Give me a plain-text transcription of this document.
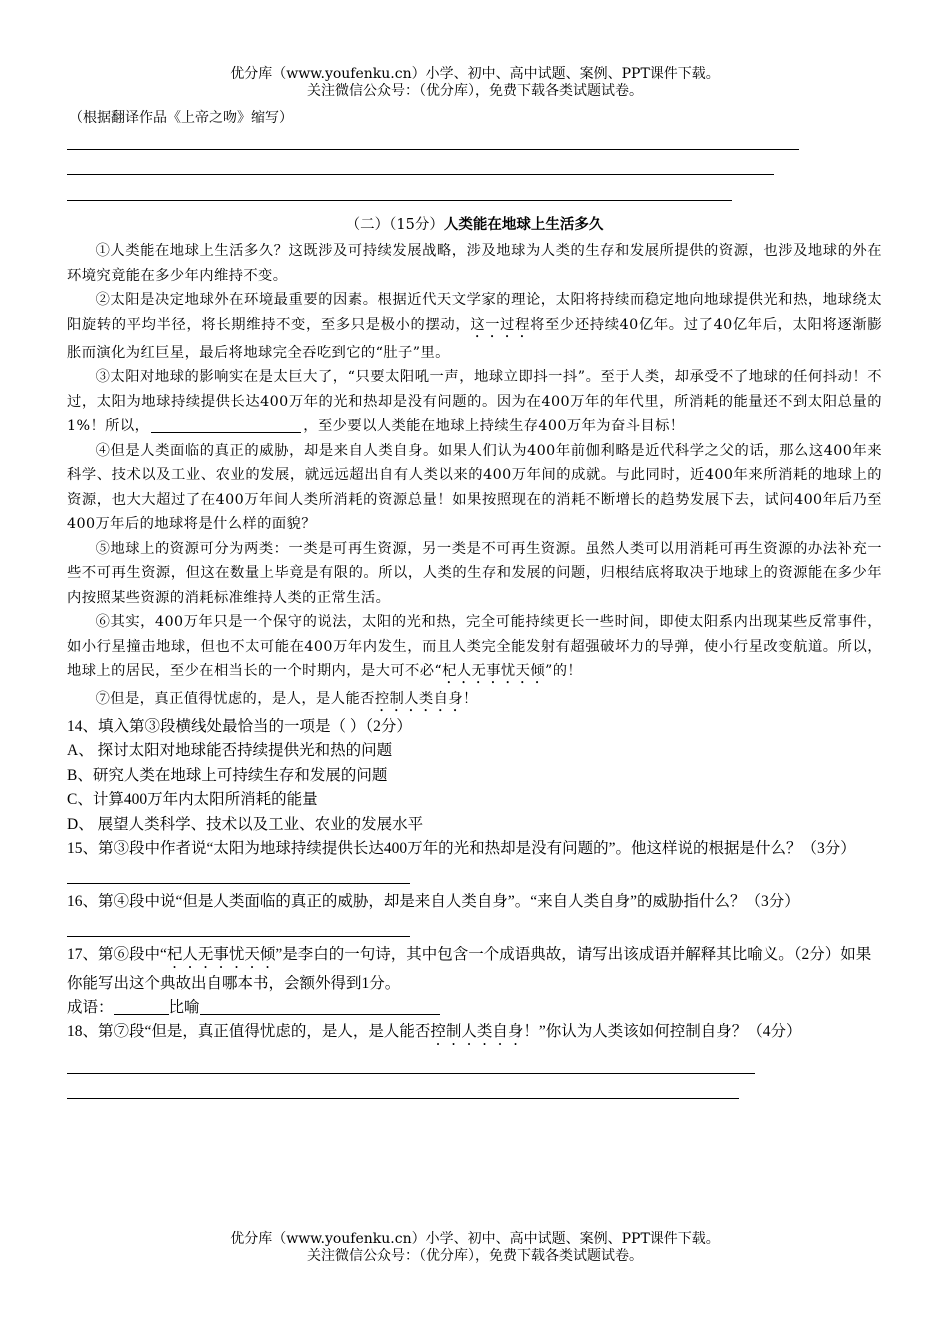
优分库（www.youfenku.cn）小学、初中、高中试题、案例、PPT课件下载。
关注微信公众号：（优分库），免费下载各类试题试卷。
（根据翻译作品《上帝之吻》缩写）
（二）（15分）人类能在地球上生活多久
①人类能在地球上生活多久？这既涉及可持续发展战略，涉及地球为人类的生存和发展所提供的资源，也涉及地球的外在环境究竟能在多少年内维持不变。
②太阳是决定地球外在环境最重要的因素。根据近代天文学家的理论，太阳将持续而稳定地向地球提供光和热，地球绕太阳旋转的平均半径，将长期维持不变，至多只是极小的摆动，这一过程将至少还持续40亿年。过了40亿年后，太阳将逐渐膨胀而演化为红巨星，最后将地球完全吞吃到它的“肚子”里。
③太阳对地球的影响实在是太巨大了，“只要太阳吼一声，地球立即抖一抖”。至于人类，却承受不了地球的任何抖动！不过，太阳为地球持续提供长达400万年的光和热却是没有问题的。因为在400万年的年代里，所消耗的能量还不到太阳总量的1%！所以，	，至少要以人类能在地球上持续生存400万年为奋斗目标！
④但是人类面临的真正的威胁，却是来自人类自身。如果人们认为400年前伽利略是近代科学之父的话，那么这400年来科学、技术以及工业、农业的发展，就远远超出自有人类以来的400万年间的成就。与此同时，近400年来所消耗的地球上的资源，也大大超过了在400万年间人类所消耗的资源总量！如果按照现在的消耗不断增长的趋势发展下去，试问400年后乃至400万年后的地球将是什么样的面貌？
⑤地球上的资源可分为两类：一类是可再生资源，另一类是不可再生资源。虽然人类可以用消耗可再生资源的办法补充一些不可再生资源，但这在数量上毕竟是有限的。所以，人类的生存和发展的问题，归根结底将取决于地球上的资源能在多少年内按照某些资源的消耗标准维持人类的正常生活。
⑥其实，400万年只是一个保守的说法，太阳的光和热，完全可能持续更长一些时间，即使太阳系内出现某些反常事件，如小行星撞击地球，但也不太可能在400万年内发生，而且人类完全能发射有超强破坏力的导弹，使小行星改变航道。所以，地球上的居民，至少在相当长的一个时期内，是大可不必“杞人无事忧天倾”的！
⑦但是，真正值得忧虑的，是人，是人能否控制人类自身！
14、填入第③段横线处最恰当的一项是（ ）（2分）
A、 探讨太阳对地球能否持续提供光和热的问题
B、研究人类在地球上可持续生存和发展的问题
C、计算400万年内太阳所消耗的能量
D、 展望人类科学、技术以及工业、农业的发展水平
15、第③段中作者说“太阳为地球持续提供长达400万年的光和热却是没有问题的”。他这样说的根据是什么？（3分）
16、第④段中说“但是人类面临的真正的威胁，却是来自人类自身”。“来自人类自身”的威胁指什么？（3分）
17、第⑥段中“杞人无事忧天倾”是李白的一句诗，其中包含一个成语典故，请写出该成语并解释其比喻义。（2分）如果你能写出这个典故出自哪本书，会额外得到1分。
成语：	比喻
18、第⑦段“但是，真正值得忧虑的，是人，是人能否控制人类自身！”你认为人类该如何控制自身？（4分）
优分库（www.youfenku.cn）小学、初中、高中试题、案例、PPT课件下载。
关注微信公众号：（优分库），免费下载各类试题试卷。
